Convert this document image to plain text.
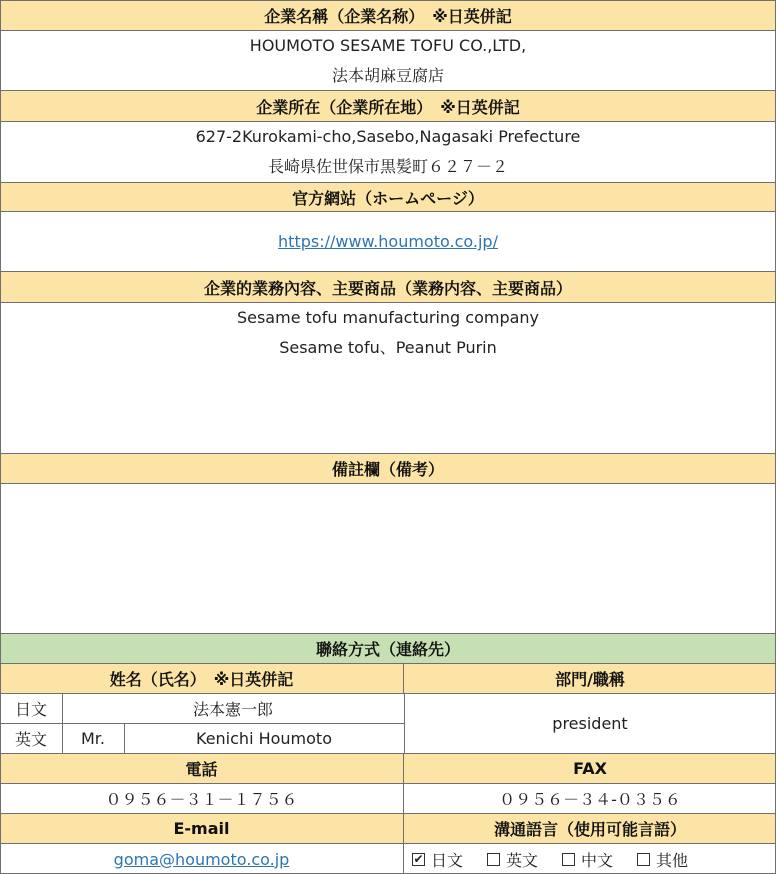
企業名稱（企業名称）　※日英併記
HOUMOTO SESAME TOFU CO.,LTD,
法本胡麻豆腐店
企業所在（企業所在地）　※日英併記
627-2Kurokami-cho,Sasebo,Nagasaki Prefecture
長崎県佐世保市黒髪町６２７－２
官方網站（ホームページ）
https://www.houmoto.co.jp/
企業的業務內容、主要商品（業務内容、主要商品）
Sesame tofu manufacturing company
Sesame tofu、Peanut Purin
備註欄（備考）
聯絡方式（連絡先）
姓名（氏名）　※日英併記	部門/職稱
日文	法本憲一郎
英文	Mr.	Kenichi Houmoto
president
電話	FAX
０９５６－３１－１７５６	０９５６－３４-０３５６
E-mail	溝通語言（使用可能言語）
goma@houmoto.co.jp	✔ 日文	英文	中文	其他
